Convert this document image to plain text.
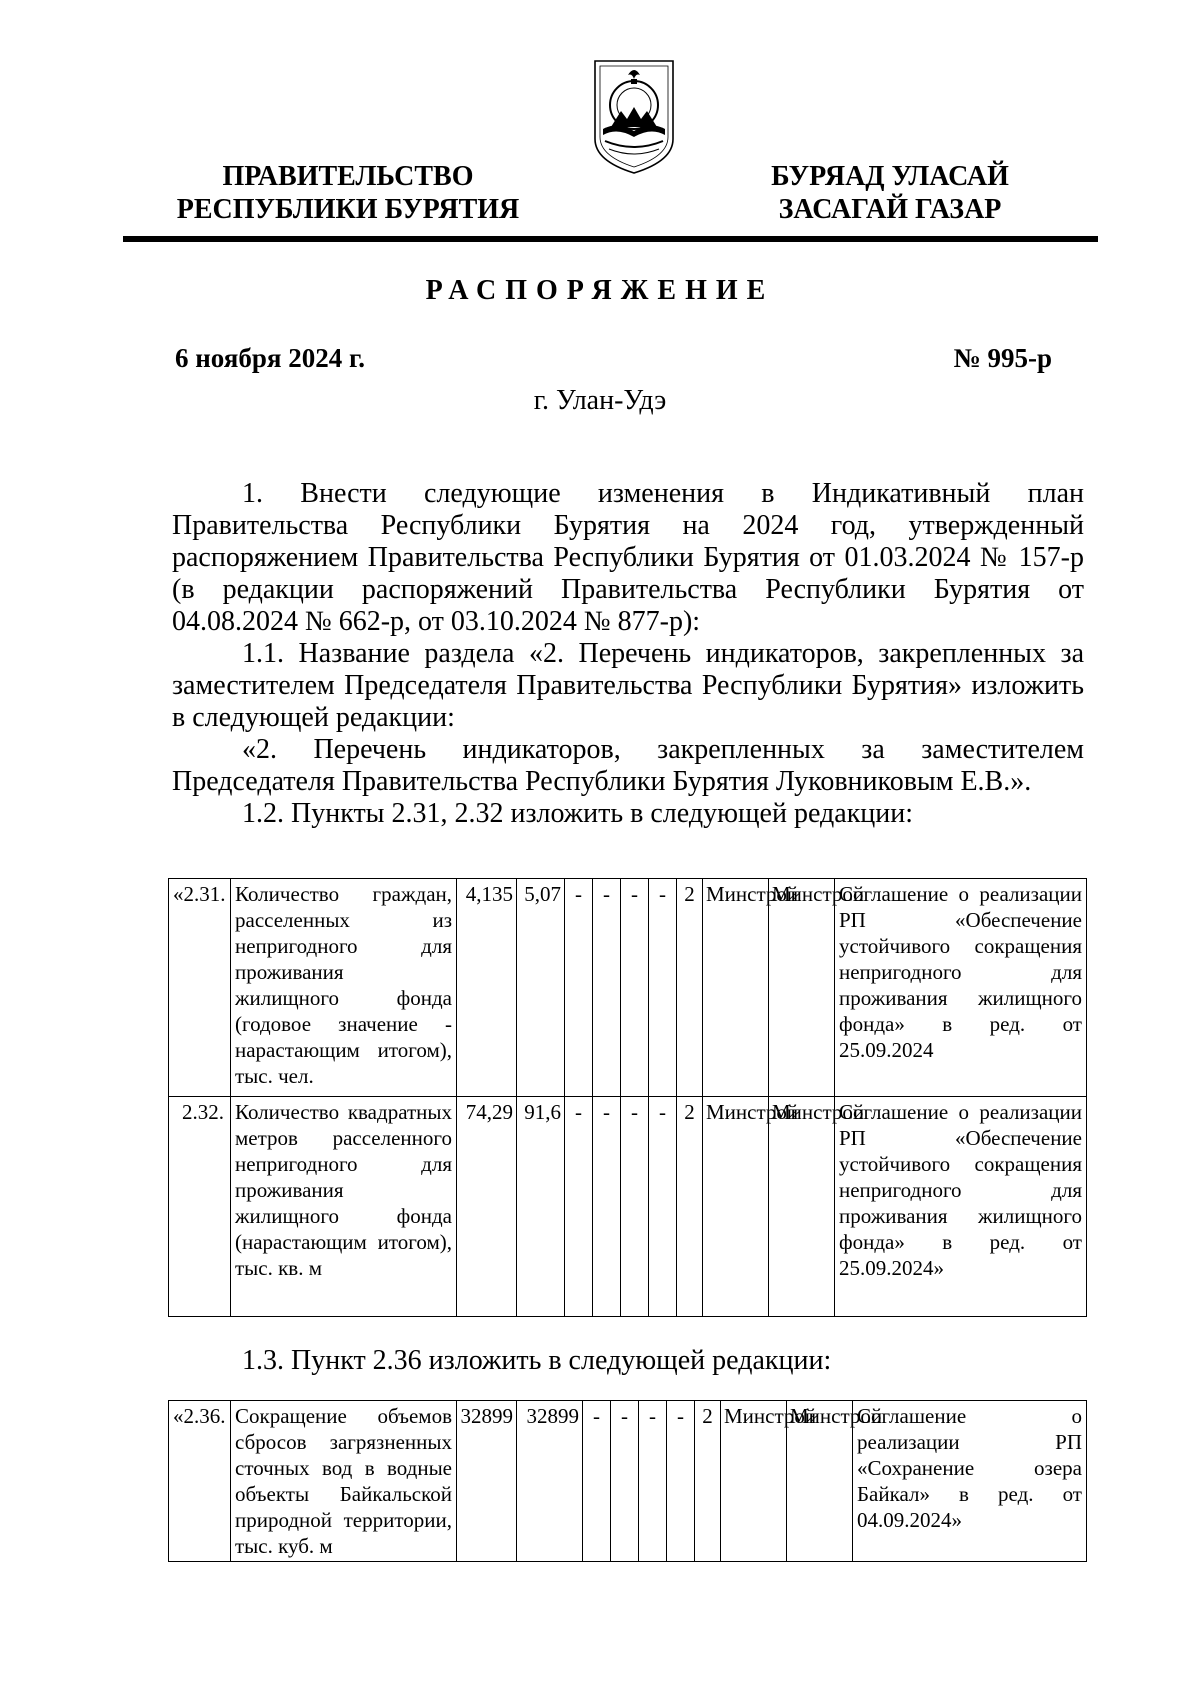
ПРАВИТЕЛЬСТВО
РЕСПУБЛИКИ БУРЯТИЯ
БУРЯАД УЛАСАЙ
ЗАСАГАЙ ГАЗАР
РАСПОРЯЖЕНИЕ
6 ноября 2024 г.	№ 995-р
г. Улан-Удэ

1. Внести следующие изменения в Индикативный план Правительства Республики Бурятия на 2024 год, утвержденный распоряжением Правительства Республики Бурятия от 01.03.2024 № 157-р (в редакции распоряжений Правительства Республики Бурятия от 04.08.2024 № 662-р, от 03.10.2024 № 877-р):

1.1. Название раздела «2. Перечень индикаторов, закрепленных за заместителем Председателя Правительства Республики Бурятия» изложить в следующей редакции:

«2. Перечень индикаторов, закрепленных за заместителем Председателя Правительства Республики Бурятия Луковниковым Е.В.».

1.2. Пункты 2.31, 2.32 изложить в следующей редакции:

«2.31.	Количество граждан, расселенных из непригодного для проживания жилищного фонда (годовое значение - нарастающим итогом), тыс. чел.	4,135	5,07	-	-	-	-	2	Минстрой	Минстрой	Соглашение о реализации РП «Обеспечение устойчивого сокращения непригодного для проживания жилищного фонда» в ред. от 25.09.2024
2.32.	Количество квадратных метров расселенного непригодного для проживания жилищного фонда (нарастающим итогом), тыс. кв. м	74,29	91,6	-	-	-	-	2	Минстрой	Минстрой	Соглашение о реализации РП «Обеспечение устойчивого сокращения непригодного для проживания жилищного фонда» в ред. от 25.09.2024»
1.3. Пункт 2.36 изложить в следующей редакции:
«2.36.	Сокращение объемов сбросов загрязненных сточных вод в водные объекты Байкальской природной территории, тыс. куб. м	32899	32899	-	-	-	-	2	Минстрой	Минстрой	Соглашение о реализации РП «Сохранение озера Байкал» в ред. от 04.09.2024»
